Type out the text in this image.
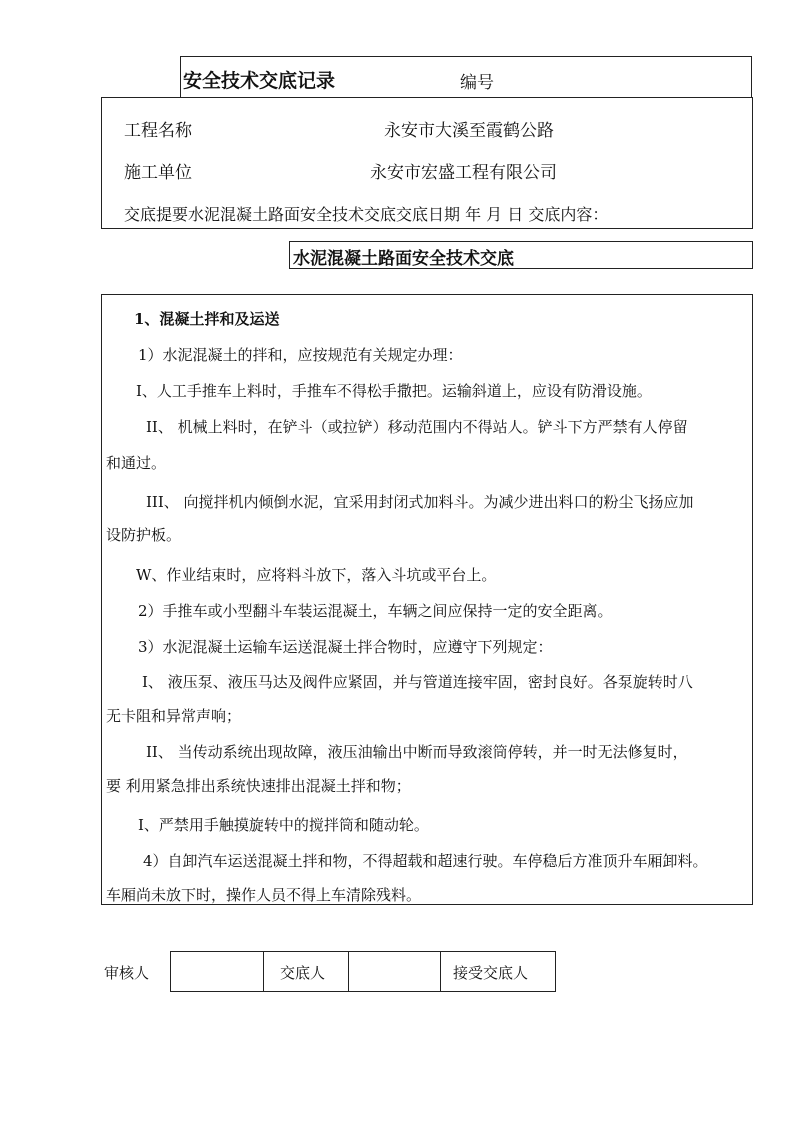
安全技术交底记录	编号
工程名称	永安市大溪至霞鹤公路
施工单位	永安市宏盛工程有限公司
交底提要水泥混凝土路面安全技术交底交底日期 年 月 日 交底内容：
水泥混凝土路面安全技术交底
1、混凝土拌和及运送
1）水泥混凝土的拌和，应按规范有关规定办理：
I、人工手推车上料时，手推车不得松手撒把。运输斜道上，应设有防滑设施。
II、 机械上料时，在铲斗（或拉铲）移动范围内不得站人。铲斗下方严禁有人停留
和通过。
III、 向搅拌机内倾倒水泥，宜采用封闭式加料斗。为减少进出料口的粉尘飞扬应加
设防护板。
W、作业结束时，应将料斗放下，落入斗坑或平台上。
2）手推车或小型翻斗车装运混凝土，车辆之间应保持一定的安全距离。
3）水泥混凝土运输车运送混凝土拌合物时，应遵守下列规定：
I、 液压泵、液压马达及阀件应紧固，并与管道连接牢固，密封良好。各泵旋转时八
无卡阻和异常声响；
II、 当传动系统出现故障，液压油输出中断而导致滚筒停转，并一时无法修复时，
要 利用紧急排出系统快速排出混凝土拌和物；
I、严禁用手触摸旋转中的搅拌筒和随动轮。
4）自卸汽车运送混凝土拌和物，不得超载和超速行驶。车停稳后方准顶升车厢卸料。
车厢尚未放下时，操作人员不得上车清除残料。
审核人	交底人	接受交底人
